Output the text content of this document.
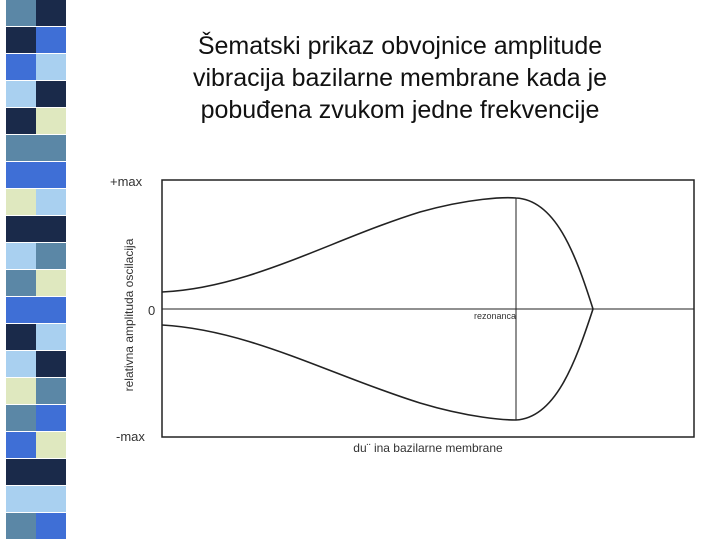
Šematski prikaz obvojnice amplitude
vibracija bazilarne membrane kada je
pobuđena zvukom jedne frekvencije
+max
0
-max
rezonanca
du¨ ina bazilarne membrane
relativna amplituda oscilacija
